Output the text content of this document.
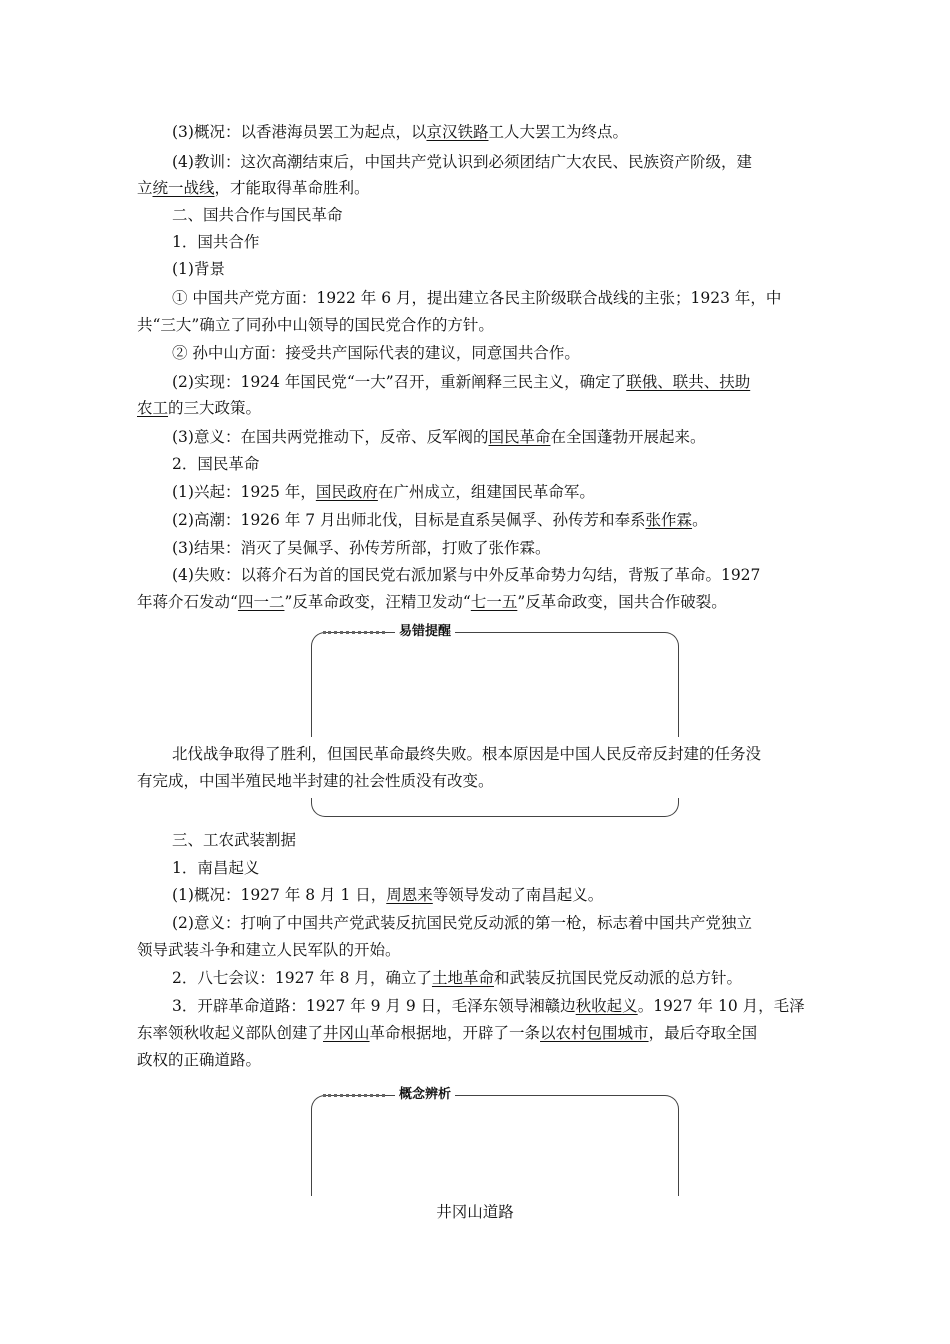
(3)概况：以香港海员罢工为起点，以京汉铁路工人大罢工为终点。
(4)教训：这次高潮结束后，中国共产党认识到必须团结广大农民、民族资产阶级，建
立统一战线，才能取得革命胜利。
二、国共合作与国民革命
1．国共合作
(1)背景
① 中国共产党方面：1922 年 6 月，提出建立各民主阶级联合战线的主张；1923 年，中
共“三大”确立了同孙中山领导的国民党合作的方针。
② 孙中山方面：接受共产国际代表的建议，同意国共合作。
(2)实现：1924 年国民党“一大”召开，重新阐释三民主义，确定了联俄、联共、扶助
农工的三大政策。
(3)意义：在国共两党推动下，反帝、反军阀的国民革命在全国蓬勃开展起来。
2．国民革命
(1)兴起：1925 年，国民政府在广州成立，组建国民革命军。
(2)高潮：1926 年 7 月出师北伐，目标是直系吴佩孚、孙传芳和奉系张作霖。
(3)结果：消灭了吴佩孚、孙传芳所部，打败了张作霖。
(4)失败：以蒋介石为首的国民党右派加紧与中外反革命势力勾结，背叛了革命。1927
年蒋介石发动“四一二”反革命政变，汪精卫发动“七一五”反革命政变，国共合作破裂。
易错提醒
北伐战争取得了胜利，但国民革命最终失败。根本原因是中国人民反帝反封建的任务没
有完成，中国半殖民地半封建的社会性质没有改变。
三、工农武装割据
1．南昌起义
(1)概况：1927 年 8 月 1 日，周恩来等领导发动了南昌起义。
(2)意义：打响了中国共产党武装反抗国民党反动派的第一枪，标志着中国共产党独立
领导武装斗争和建立人民军队的开始。
2．八七会议：1927 年 8 月，确立了土地革命和武装反抗国民党反动派的总方针。
3．开辟革命道路：1927 年 9 月 9 日，毛泽东领导湘赣边秋收起义。1927 年 10 月，毛泽
东率领秋收起义部队创建了井冈山革命根据地，开辟了一条以农村包围城市，最后夺取全国
政权的正确道路。
概念辨析
井冈山道路
